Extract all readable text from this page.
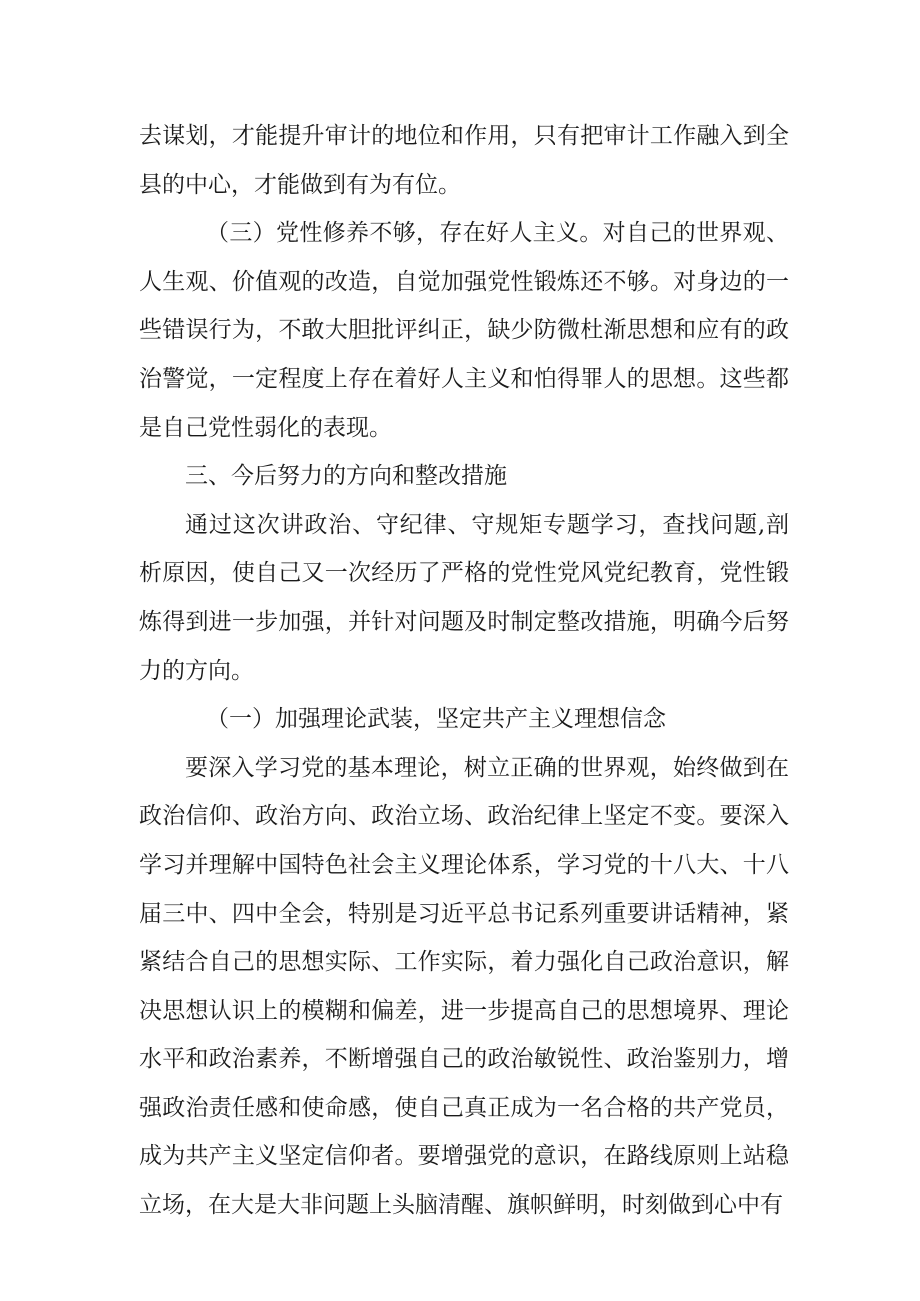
去谋划，才能提升审计的地位和作用，只有把审计工作融入到全县的中心，才能做到有为有位。

（三）党性修养不够，存在好人主义。对自己的世界观、人生观、价值观的改造，自觉加强党性锻炼还不够。对身边的一些错误行为，不敢大胆批评纠正，缺少防微杜渐思想和应有的政治警觉，一定程度上存在着好人主义和怕得罪人的思想。这些都是自己党性弱化的表现。

三、今后努力的方向和整改措施

通过这次讲政治、守纪律、守规矩专题学习，查找问题,剖析原因，使自己又一次经历了严格的党性党风党纪教育，党性锻炼得到进一步加强，并针对问题及时制定整改措施，明确今后努力的方向。

（一）加强理论武装，坚定共产主义理想信念

要深入学习党的基本理论，树立正确的世界观，始终做到在政治信仰、政治方向、政治立场、政治纪律上坚定不变。要深入学习并理解中国特色社会主义理论体系，学习党的十八大、十八届三中、四中全会，特别是习近平总书记系列重要讲话精神，紧紧结合自己的思想实际、工作实际，着力强化自己政治意识，解决思想认识上的模糊和偏差，进一步提高自己的思想境界、理论水平和政治素养，不断增强自己的政治敏锐性、政治鉴别力，增强政治责任感和使命感，使自己真正成为一名合格的共产党员，成为共产主义坚定信仰者。要增强党的意识，在路线原则上站稳立场，在大是大非问题上头脑清醒、旗帜鲜明，时刻做到心中有
